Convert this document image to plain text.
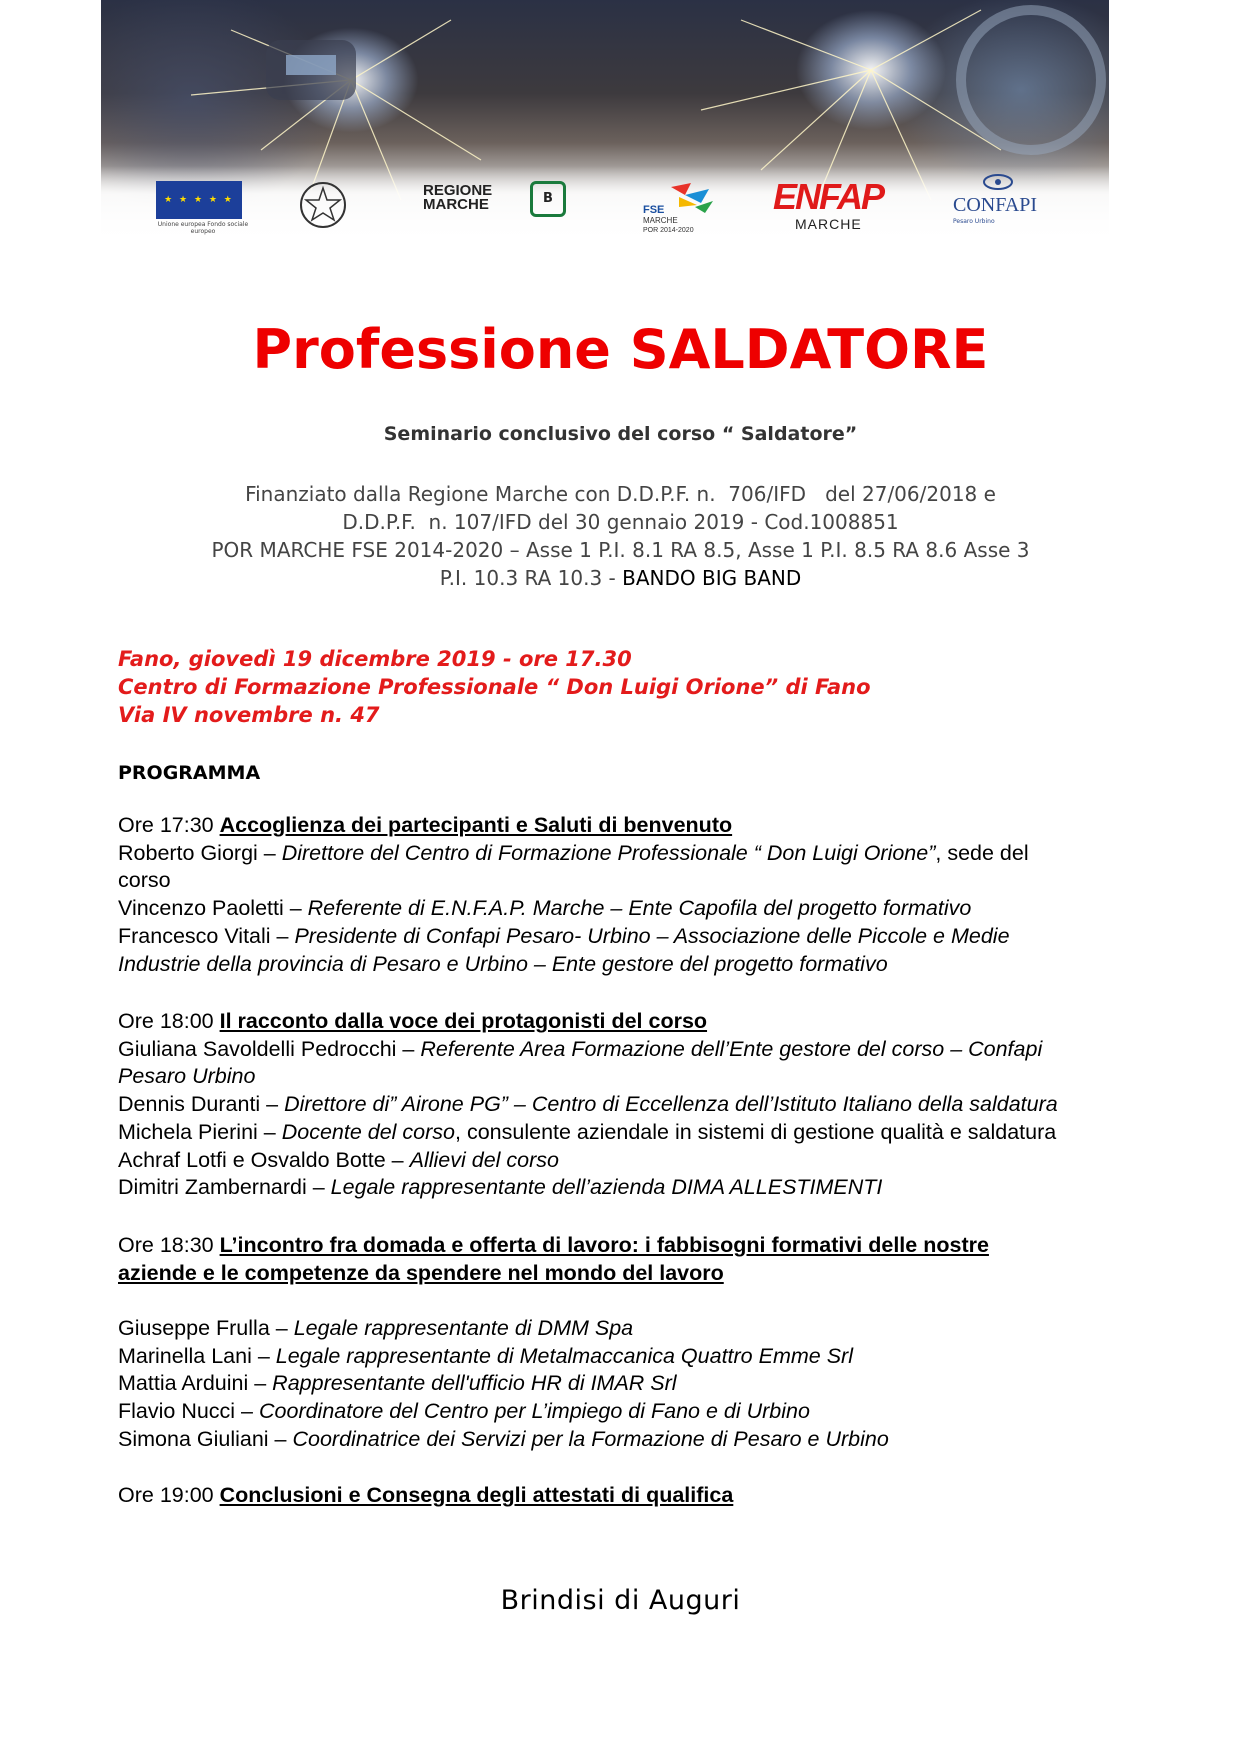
★ ★ ★ ★ ★
Unione europea Fondo sociale europeo
REGIONE
MARCHE	B
FSE
MARCHE
POR 2014-2020
ENFAP
MARCHE
CONFAPI
Pesaro Urbino
Professione SALDATORE
Seminario conclusivo del corso “ Saldatore”
Finanziato dalla Regione Marche con D.D.P.F. n.  706/IFD   del 27/06/2018 e
D.D.P.F.  n. 107/IFD del 30 gennaio 2019 - Cod.1008851
POR MARCHE FSE 2014-2020 – Asse 1 P.I. 8.1 RA 8.5, Asse 1 P.I. 8.5 RA 8.6 Asse 3
P.I. 10.3 RA 10.3 - BANDO BIG BAND
Fano, giovedì 19 dicembre 2019 - ore 17.30
Centro di Formazione Professionale “ Don Luigi Orione” di Fano
Via IV novembre n. 47
PROGRAMMA
Ore 17:30 Accoglienza dei partecipanti e Saluti di benvenuto
Roberto Giorgi – Direttore del Centro di Formazione Professionale “ Don Luigi Orione”, sede del
corso
Vincenzo Paoletti – Referente di E.N.F.A.P. Marche – Ente Capofila del progetto formativo
Francesco Vitali – Presidente di Confapi Pesaro- Urbino – Associazione delle Piccole e Medie
Industrie della provincia di Pesaro e Urbino – Ente gestore del progetto formativo
Ore 18:00 Il racconto dalla voce dei protagonisti del corso
Giuliana Savoldelli Pedrocchi – Referente Area Formazione dell’Ente gestore del corso – Confapi
Pesaro Urbino
Dennis Duranti – Direttore di” Airone PG” – Centro di Eccellenza dell’Istituto Italiano della saldatura
Michela Pierini – Docente del corso, consulente aziendale in sistemi di gestione qualità e saldatura
Achraf Lotfi e Osvaldo Botte – Allievi del corso
Dimitri Zambernardi – Legale rappresentante dell’azienda DIMA ALLESTIMENTI
Ore 18:30 L’incontro fra domada e offerta di lavoro: i fabbisogni formativi delle nostre
aziende e le competenze da spendere nel mondo del lavoro
Giuseppe Frulla – Legale rappresentante di DMM Spa
Marinella Lani – Legale rappresentante di Metalmaccanica Quattro Emme Srl
Mattia Arduini – Rappresentante dell'ufficio HR di IMAR Srl
Flavio Nucci – Coordinatore del Centro per L’impiego di Fano e di Urbino
Simona Giuliani – Coordinatrice dei Servizi per la Formazione di Pesaro e Urbino
Ore 19:00 Conclusioni e Consegna degli attestati di qualifica
Brindisi di Auguri
